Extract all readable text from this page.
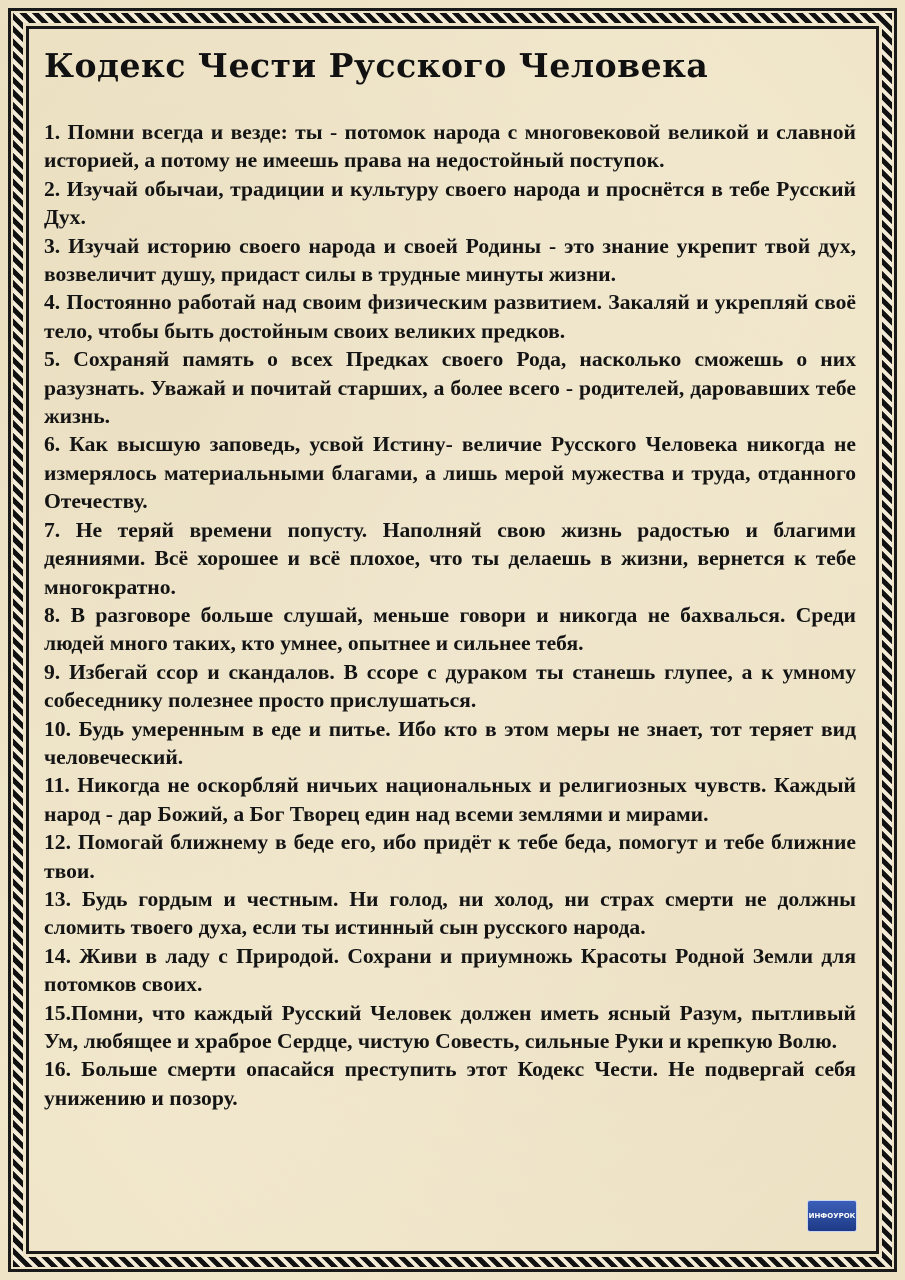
Кодекс Чести Русского Человека
1. Помни всегда и везде: ты - потомок народа с многовековой великой и славной историей, а потому не имеешь права на недостойный поступок.
2. Изучай обычаи, традиции и культуру своего народа и проснётся в тебе Русский Дух.
3. Изучай историю своего народа и своей Родины - это знание укрепит твой дух, возвеличит душу, придаст силы в трудные минуты жизни.
4. Постоянно работай над своим физическим развитием. Закаляй и укрепляй своё тело, чтобы быть достойным своих великих предков.
5. Сохраняй память о всех Предках своего Рода, насколько сможешь о них разузнать. Уважай и почитай старших, а более всего - родителей, даровавших тебе жизнь.
6. Как высшую заповедь, усвой Истину- величие Русского Человека никогда не измерялось материальными благами, а лишь мерой мужества и труда, отданного Отечеству.
7. Не теряй времени попусту. Наполняй свою жизнь радостью и благими деяниями. Всё хорошее и всё плохое, что ты делаешь в жизни, вернется к тебе многократно.
8. В разговоре больше слушай, меньше говори и никогда не бахвалься. Среди людей много таких, кто умнее, опытнее и сильнее тебя.
9. Избегай ссор и скандалов. В ссоре с дураком ты станешь глупее, а к умному собеседнику полезнее просто прислушаться.
10. Будь умеренным в еде и питье. Ибо кто в этом меры не знает, тот теряет вид человеческий.
11. Никогда не оскорбляй ничьих национальных и религиозных чувств. Каждый народ - дар Божий, а Бог Творец един над всеми землями и мирами.
12. Помогай ближнему в беде его, ибо придёт к тебе беда, помогут и тебе ближние твои.
13. Будь гордым и честным. Ни голод, ни холод, ни страх смерти не должны сломить твоего духа, если ты истинный сын русского народа.
14. Живи в ладу с Природой. Сохрани и приумножь Красоты Родной Земли для потомков своих.
15.Помни, что каждый Русский Человек должен иметь ясный Разум, пытливый Ум, любящее и храброе Сердце, чистую Совесть, сильные Руки и крепкую Волю.
16. Больше смерти опасайся преступить этот Кодекс Чести. Не подвергай себя унижению и позору.
ИНФОУРОК
